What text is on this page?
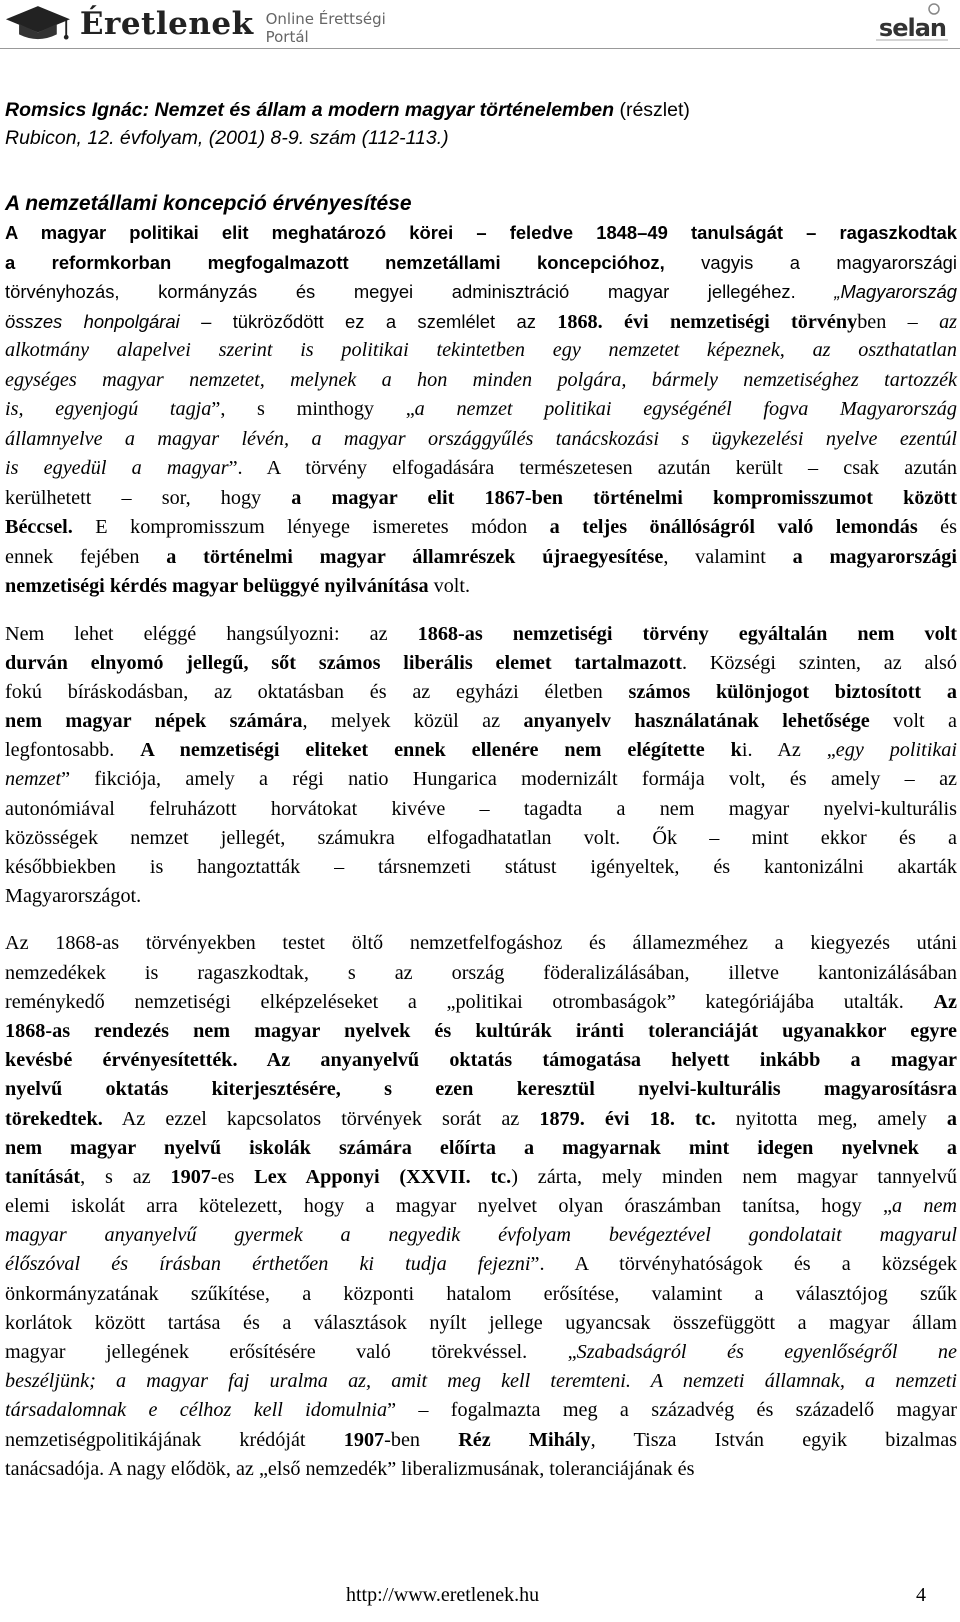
Éretlenek Online Érettségi Portál	selan
Romsics Ignác: Nemzet és állam a modern magyar történelemben (részlet)
Rubicon, 12. évfolyam, (2001) 8-9. szám (112-113.)
A nemzetállami koncepció érvényesítése
A magyar politikai elit meghatározó körei – feledve 1848–49 tanulságát – ragaszkodtak
a reformkorban megfogalmazott nemzetállami koncepcióhoz, vagyis a magyarországi
törvényhozás, kormányzás és megyei adminisztráció magyar jellegéhez. „Magyarország
összes honpolgárai – tükröződött ez a szemlélet az 1868. évi nemzetiségi törvényben – az
alkotmány alapelvei szerint is politikai tekintetben egy nemzetet képeznek, az oszthatatlan
egységes magyar nemzetet, melynek a hon minden polgára, bármely nemzetiséghez tartozzék
is, egyenjogú tagja”, s minthogy „a nemzet politikai egységénél fogva Magyarország
államnyelve a magyar lévén, a magyar országgyűlés tanácskozási s ügykezelési nyelve ezentúl
is egyedül a magyar”. A törvény elfogadására természetesen azután került – csak azután
kerülhetett – sor, hogy a magyar elit 1867-ben történelmi kompromisszumot között
Béccsel. E kompromisszum lényege ismeretes módon a teljes önállóságról való lemondás és
ennek fejében a történelmi magyar államrészek újraegyesítése, valamint a magyarországi
nemzetiségi kérdés magyar belüggyé nyilvánítása volt.
Nem lehet eléggé hangsúlyozni: az 1868-as nemzetiségi törvény egyáltalán nem volt
durván elnyomó jellegű, sőt számos liberális elemet tartalmazott. Községi szinten, az alsó
fokú bíráskodásban, az oktatásban és az egyházi életben számos különjogot biztosított a
nem magyar népek számára, melyek közül az anyanyelv használatának lehetősége volt a
legfontosabb. A nemzetiségi eliteket ennek ellenére nem elégítette ki. Az „egy politikai
nemzet” fikciója, amely a régi natio Hungarica modernizált formája volt, és amely – az
autonómiával felruházott horvátokat kivéve – tagadta a nem magyar nyelvi-kulturális
közösségek nemzet jellegét, számukra elfogadhatatlan volt. Ők – mint ekkor és a
későbbiekben is hangoztatták – társnemzeti státust igényeltek, és kantonizálni akarták
Magyarországot.
Az 1868-as törvényekben testet öltő nemzetfelfogáshoz és államezméhez a kiegyezés utáni
nemzedékek is ragaszkodtak, s az ország föderalizálásában, illetve kantonizálásában
reménykedő nemzetiségi elképzeléseket a „politikai otrombaságok” kategóriájába utalták. Az
1868-as rendezés nem magyar nyelvek és kultúrák iránti toleranciáját ugyanakkor egyre
kevésbé érvényesítették. Az anyanyelvű oktatás támogatása helyett inkább a magyar
nyelvű oktatás kiterjesztésére, s ezen keresztül nyelvi-kulturális magyarosításra
törekedtek. Az ezzel kapcsolatos törvények sorát az 1879. évi 18. tc. nyitotta meg, amely a
nem magyar nyelvű iskolák számára előírta a magyarnak mint idegen nyelvnek a
tanítását, s az 1907-es Lex Apponyi (XXVII. tc.) zárta, mely minden nem magyar tannyelvű
elemi iskolát arra kötelezett, hogy a magyar nyelvet olyan óraszámban tanítsa, hogy „a nem
magyar anyanyelvű gyermek a negyedik évfolyam bevégeztével gondolatait magyarul
élőszóval és írásban érthetően ki tudja fejezni”. A törvényhatóságok és a községek
önkormányzatának szűkítése, a központi hatalom erősítése, valamint a választójog szűk
korlátok között tartása és a választások nyílt jellege ugyancsak összefüggött a magyar állam
magyar jellegének erősítésére való törekvéssel. „Szabadságról és egyenlőségről ne
beszéljünk; a magyar faj uralma az, amit meg kell teremteni. A nemzeti államnak, a nemzeti
társadalomnak e célhoz kell idomulnia” – fogalmazta meg a századvég és századelő magyar
nemzetiségpolitikájának krédóját 1907-ben Réz Mihály, Tisza István egyik bizalmas
tanácsadója. A nagy elődök, az „első nemzedék” liberalizmusának, toleranciájának és
http://www.eretlenek.hu	4
